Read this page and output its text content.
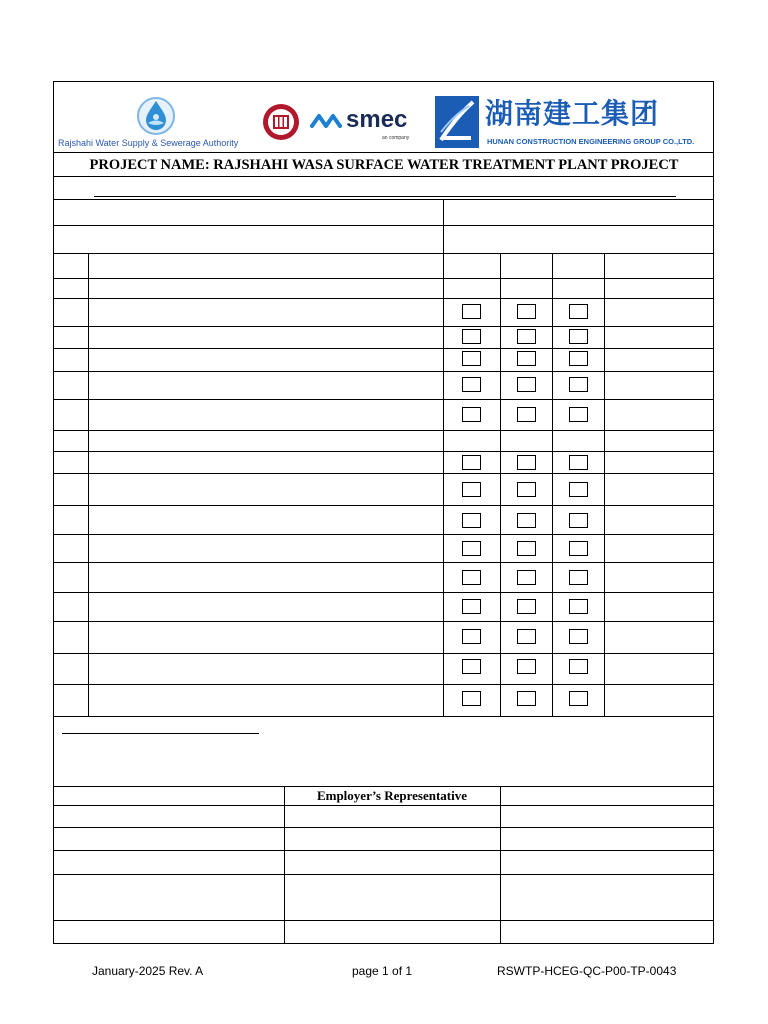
Rajshahi Water Supply & Sewerage Authority
smec
an company
湖南建工集团
HUNAN CONSTRUCTION ENGINEERING GROUP CO.,LTD.
PROJECT NAME: RAJSHAHI WASA SURFACE WATER TREATMENT PLANT PROJECT
Employer’s Representative
January-2025 Rev. A	page 1 of 1	RSWTP-HCEG-QC-P00-TP-0043
